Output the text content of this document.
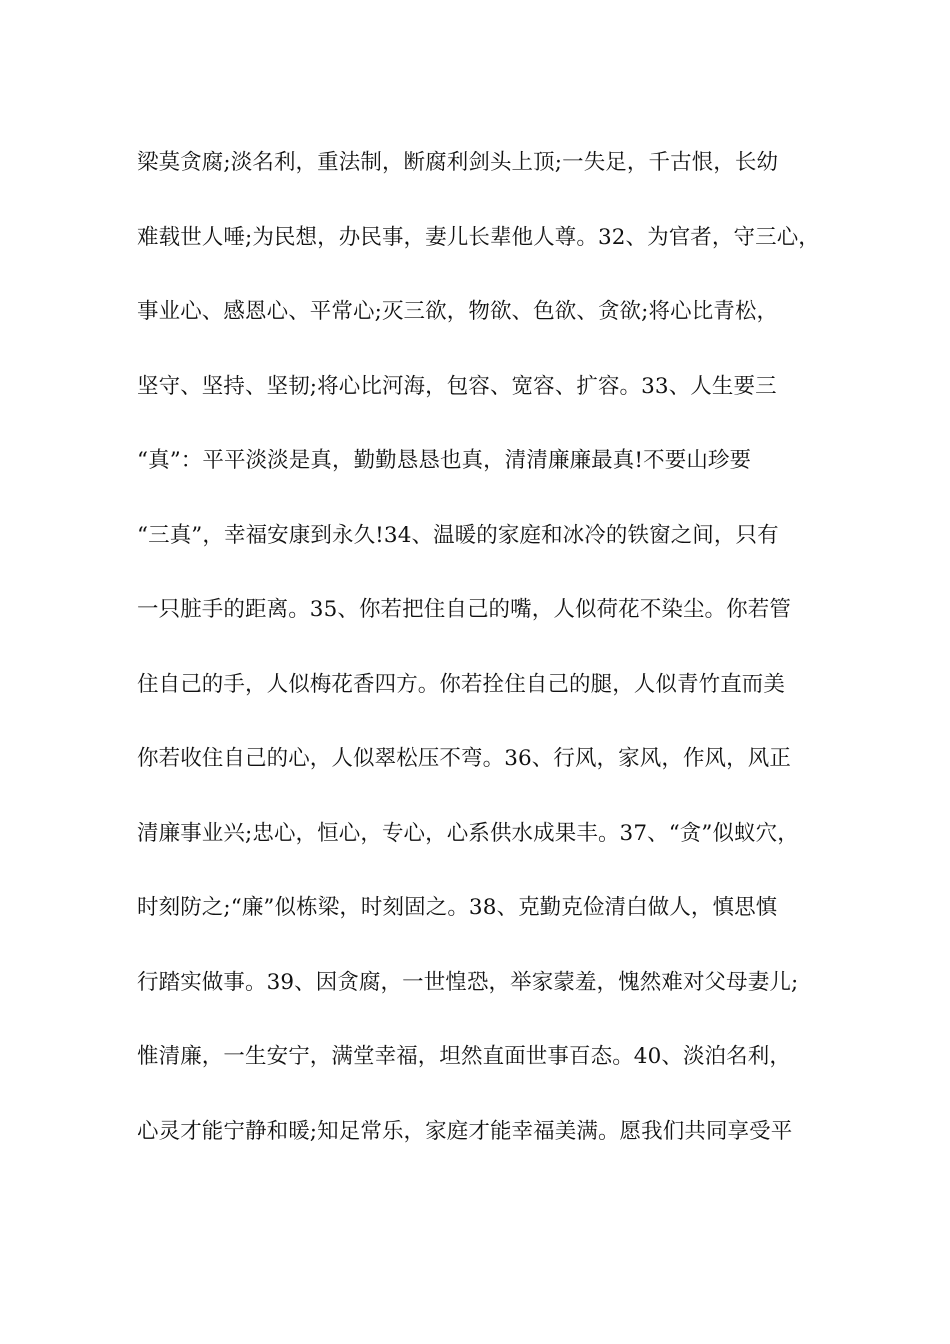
梁莫贪腐;淡名利，重法制，断腐利剑头上顶;一失足，千古恨，长幼
难载世人唾;为民想，办民事，妻儿长辈他人尊。32、为官者，守三心，
事业心、感恩心、平常心;灭三欲，物欲、色欲、贪欲;将心比青松，
坚守、坚持、坚韧;将心比河海，包容、宽容、扩容。33、人生要三
“真”：平平淡淡是真，勤勤恳恳也真，清清廉廉最真!不要山珍要
“三真”，幸福安康到永久!34、温暖的家庭和冰冷的铁窗之间，只有
一只脏手的距离。35、你若把住自己的嘴，人似荷花不染尘。你若管
住自己的手，人似梅花香四方。你若拴住自己的腿，人似青竹直而美
你若收住自己的心，人似翠松压不弯。36、行风，家风，作风，风正
清廉事业兴;忠心，恒心，专心，心系供水成果丰。37、“贪”似蚁穴，
时刻防之;“廉”似栋梁，时刻固之。38、克勤克俭清白做人，慎思慎
行踏实做事。39、因贪腐，一世惶恐，举家蒙羞，愧然难对父母妻儿;
惟清廉，一生安宁，满堂幸福，坦然直面世事百态。40、淡泊名利，
心灵才能宁静和暖;知足常乐，家庭才能幸福美满。愿我们共同享受平
